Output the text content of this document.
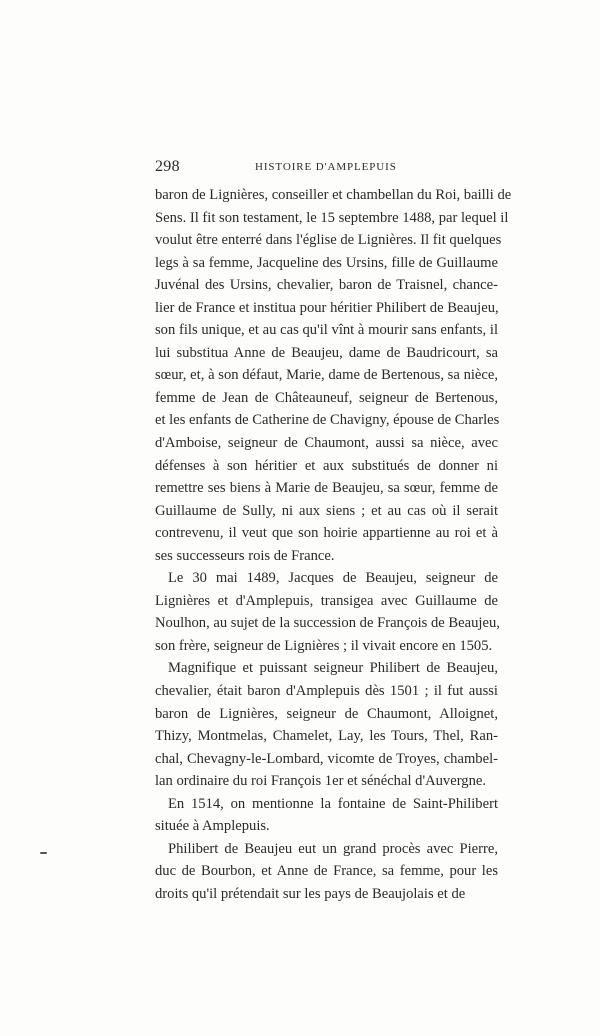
298	HISTOIRE D'AMPLEPUIS

baron de Lignières, conseiller et chambellan du Roi, bailli de
Sens. Il fit son testament, le 15 septembre 1488, par lequel il
voulut être enterré dans l'église de Lignières. Il fit quelques
legs à sa femme, Jacqueline des Ursins, fille de Guillaume
Juvénal des Ursins, chevalier, baron de Traisnel, chance-
lier de France et institua pour héritier Philibert de Beaujeu,
son fils unique, et au cas qu'il vînt à mourir sans enfants, il
lui substitua Anne de Beaujeu, dame de Baudricourt, sa
sœur, et, à son défaut, Marie, dame de Bertenous, sa nièce,
femme de Jean de Châteauneuf, seigneur de Bertenous,
et les enfants de Catherine de Chavigny, épouse de Charles
d'Amboise, seigneur de Chaumont, aussi sa nièce, avec
défenses à son héritier et aux substitués de donner ni
remettre ses biens à Marie de Beaujeu, sa sœur, femme de
Guillaume de Sully, ni aux siens ; et au cas où il serait
contrevenu, il veut que son hoirie appartienne au roi et à
ses successeurs rois de France.

Le 30 mai 1489, Jacques de Beaujeu, seigneur de
Lignières et d'Amplepuis, transigea avec Guillaume de
Noulhon, au sujet de la succession de François de Beaujeu,
son frère, seigneur de Lignières ; il vivait encore en 1505.

Magnifique et puissant seigneur Philibert de Beaujeu,
chevalier, était baron d'Amplepuis dès 1501 ; il fut aussi
baron de Lignières, seigneur de Chaumont, Alloignet,
Thizy, Montmelas, Chamelet, Lay, les Tours, Thel, Ran-
chal, Chevagny-le-Lombard, vicomte de Troyes, chambel-
lan ordinaire du roi François 1er et sénéchal d'Auvergne.

En 1514, on mentionne la fontaine de Saint-Philibert
située à Amplepuis.

Philibert de Beaujeu eut un grand procès avec Pierre,
duc de Bourbon, et Anne de France, sa femme, pour les
droits qu'il prétendait sur les pays de Beaujolais et de
